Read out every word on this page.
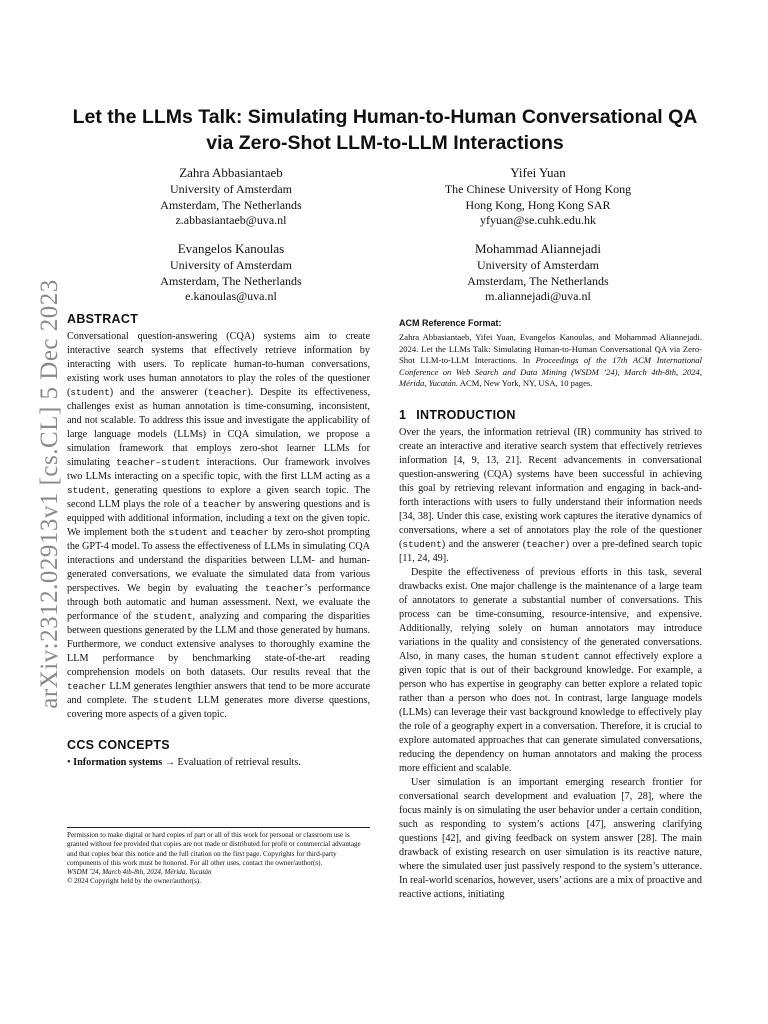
arXiv:2312.02913v1 [cs.CL] 5 Dec 2023
Let the LLMs Talk: Simulating Human-to-Human Conversational QA via Zero-Shot LLM-to-LLM Interactions
Zahra Abbasiantaeb
University of Amsterdam
Amsterdam, The Netherlands
z.abbasiantaeb@uva.nl
Yifei Yuan
The Chinese University of Hong Kong
Hong Kong, Hong Kong SAR
yfyuan@se.cuhk.edu.hk
Evangelos Kanoulas
University of Amsterdam
Amsterdam, The Netherlands
e.kanoulas@uva.nl
Mohammad Aliannejadi
University of Amsterdam
Amsterdam, The Netherlands
m.aliannejadi@uva.nl
ABSTRACT

Conversational question-answering (CQA) systems aim to create interactive search systems that effectively retrieve information by interacting with users. To replicate human-to-human conversations, existing work uses human annotators to play the roles of the questioner (student) and the answerer (teacher). Despite its effectiveness, challenges exist as human annotation is time-consuming, inconsistent, and not scalable. To address this issue and investigate the applicability of large language models (LLMs) in CQA simulation, we propose a simulation framework that employs zero-shot learner LLMs for simulating teacher–student interactions. Our framework involves two LLMs interacting on a specific topic, with the first LLM acting as a student, generating questions to explore a given search topic. The second LLM plays the role of a teacher by answering questions and is equipped with additional information, including a text on the given topic. We implement both the student and teacher by zero-shot prompting the GPT-4 model. To assess the effectiveness of LLMs in simulating CQA interactions and understand the disparities between LLM- and human-generated conversations, we evaluate the simulated data from various perspectives. We begin by evaluating the teacher’s performance through both automatic and human assessment. Next, we evaluate the performance of the student, analyzing and comparing the disparities between questions generated by the LLM and those generated by humans. Furthermore, we conduct extensive analyses to thoroughly examine the LLM performance by benchmarking state-of-the-art reading comprehension models on both datasets. Our results reveal that the teacher LLM generates lengthier answers that tend to be more accurate and complete. The student LLM generates more diverse questions, covering more aspects of a given topic.

CCS CONCEPTS

• Information systems → Evaluation of retrieval results.

Permission to make digital or hard copies of part or all of this work for personal or classroom use is granted without fee provided that copies are not made or distributed for profit or commercial advantage and that copies bear this notice and the full citation on the first page. Copyrights for third-party components of this work must be honored. For all other uses, contact the owner/author(s).

WSDM ’24, March 4th-8th, 2024, Mérida, Yucatán

© 2024 Copyright held by the owner/author(s).

ACM Reference Format:

Zahra Abbasiantaeb, Yifei Yuan, Evangelos Kanoulas, and Mohammad Aliannejadi. 2024. Let the LLMs Talk: Simulating Human-to-Human Conversational QA via Zero-Shot LLM-to-LLM Interactions. In Proceedings of the 17th ACM International Conference on Web Search and Data Mining (WSDM ’24), March 4th-8th, 2024, Mérida, Yucatán. ACM, New York, NY, USA, 10 pages.

1 INTRODUCTION

Over the years, the information retrieval (IR) community has strived to create an interactive and iterative search system that effectively retrieves information [4, 9, 13, 21]. Recent advancements in conversational question-answering (CQA) systems have been successful in achieving this goal by retrieving relevant information and engaging in back-and-forth interactions with users to fully understand their information needs [34, 38]. Under this case, existing work captures the iterative dynamics of conversations, where a set of annotators play the role of the questioner (student) and the answerer (teacher) over a pre-defined search topic [11, 24, 49].

Despite the effectiveness of previous efforts in this task, several drawbacks exist. One major challenge is the maintenance of a large team of annotators to generate a substantial number of conversations. This process can be time-consuming, resource-intensive, and expensive. Additionally, relying solely on human annotators may introduce variations in the quality and consistency of the generated conversations. Also, in many cases, the human student cannot effectively explore a given topic that is out of their background knowledge. For example, a person who has expertise in geography can better explore a related topic rather than a person who does not. In contrast, large language models (LLMs) can leverage their vast background knowledge to effectively play the role of a geography expert in a conversation. Therefore, it is crucial to explore automated approaches that can generate simulated conversations, reducing the dependency on human annotators and making the process more efficient and scalable.

User simulation is an important emerging research frontier for conversational search development and evaluation [7, 28], where the focus mainly is on simulating the user behavior under a certain condition, such as responding to system’s actions [47], answering clarifying questions [42], and giving feedback on system answer [28]. The main drawback of existing research on user simulation is its reactive nature, where the simulated user just passively respond to the system’s utterance. In real-world scenarios, however, users’ actions are a mix of proactive and reactive actions, initiating
